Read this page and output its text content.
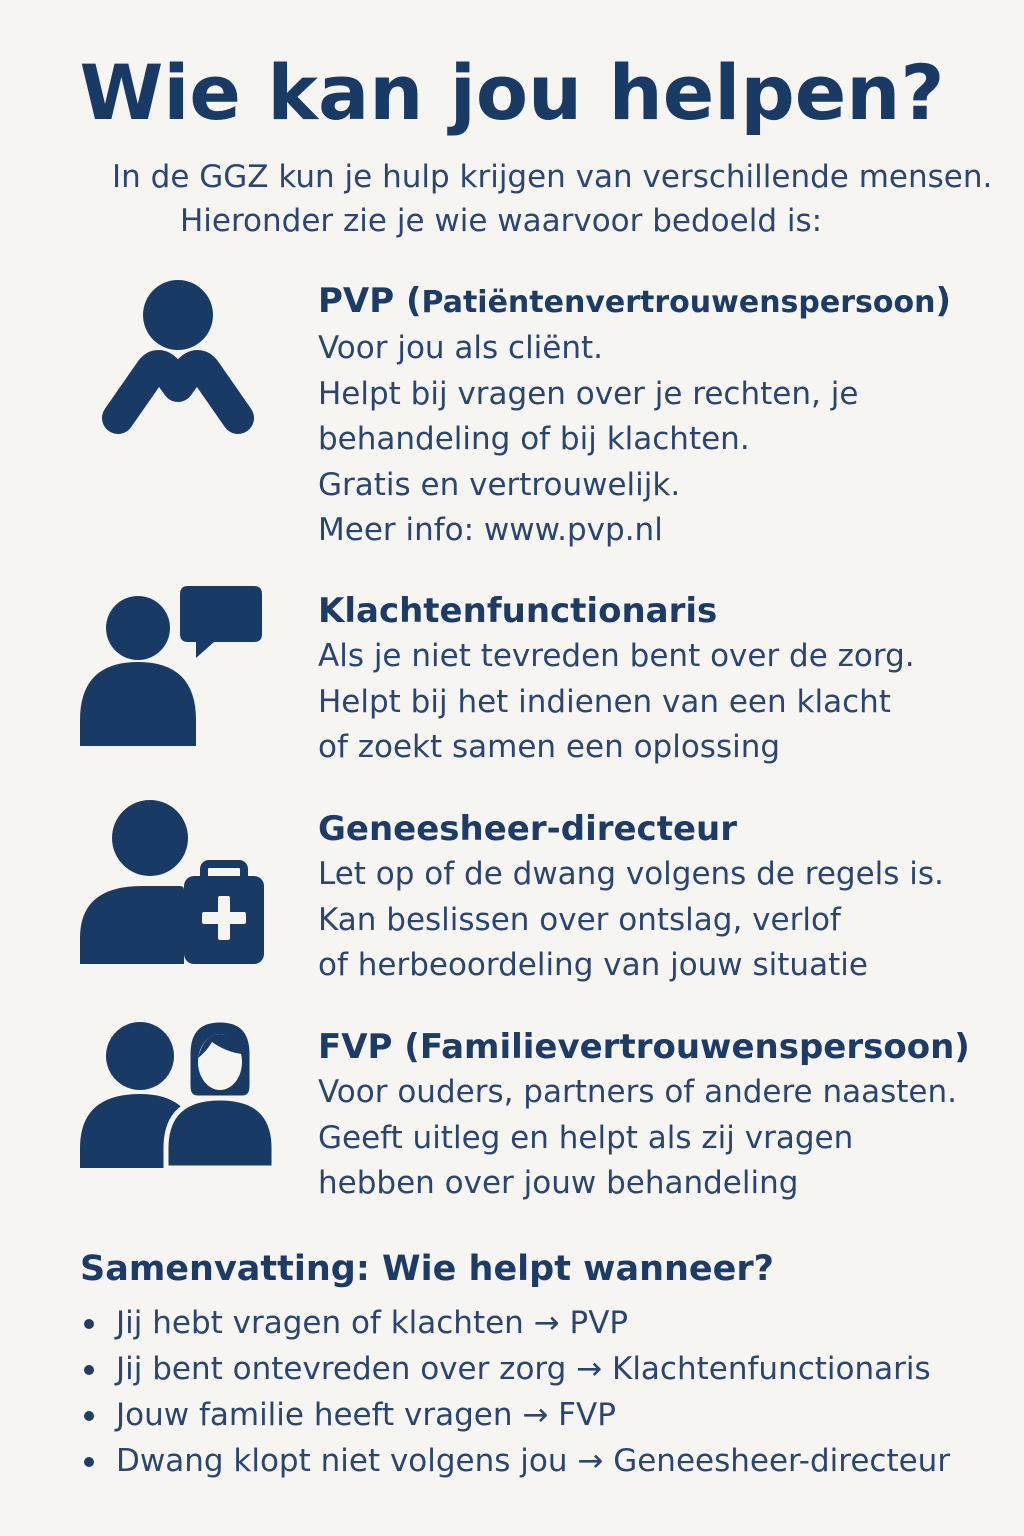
Wie kan jou helpen?
In de GGZ kun je hulp krijgen van verschillende mensen.
Hieronder zie je wie waarvoor bedoeld is:
PVP (Patiëntenvertrouwenspersoon)

Voor jou als cliënt.

Helpt bij vragen over je rechten, je

behandeling of bij klachten.

Gratis en vertrouwelijk.

Meer info: www.pvp.nl

Klachtenfunctionaris

Als je niet tevreden bent over de zorg.

Helpt bij het indienen van een klacht

of zoekt samen een oplossing

Geneesheer-directeur

Let op of de dwang volgens de regels is.

Kan beslissen over ontslag, verlof

of herbeoordeling van jouw situatie

FVP (Familievertrouwenspersoon)

Voor ouders, partners of andere naasten.

Geeft uitleg en helpt als zij vragen

hebben over jouw behandeling

Samenvatting: Wie helpt wanneer?
Jij hebt vragen of klachten → PVP
Jij bent ontevreden over zorg → Klachtenfunctionaris
Jouw familie heeft vragen → FVP
Dwang klopt niet volgens jou → Geneesheer-directeur
